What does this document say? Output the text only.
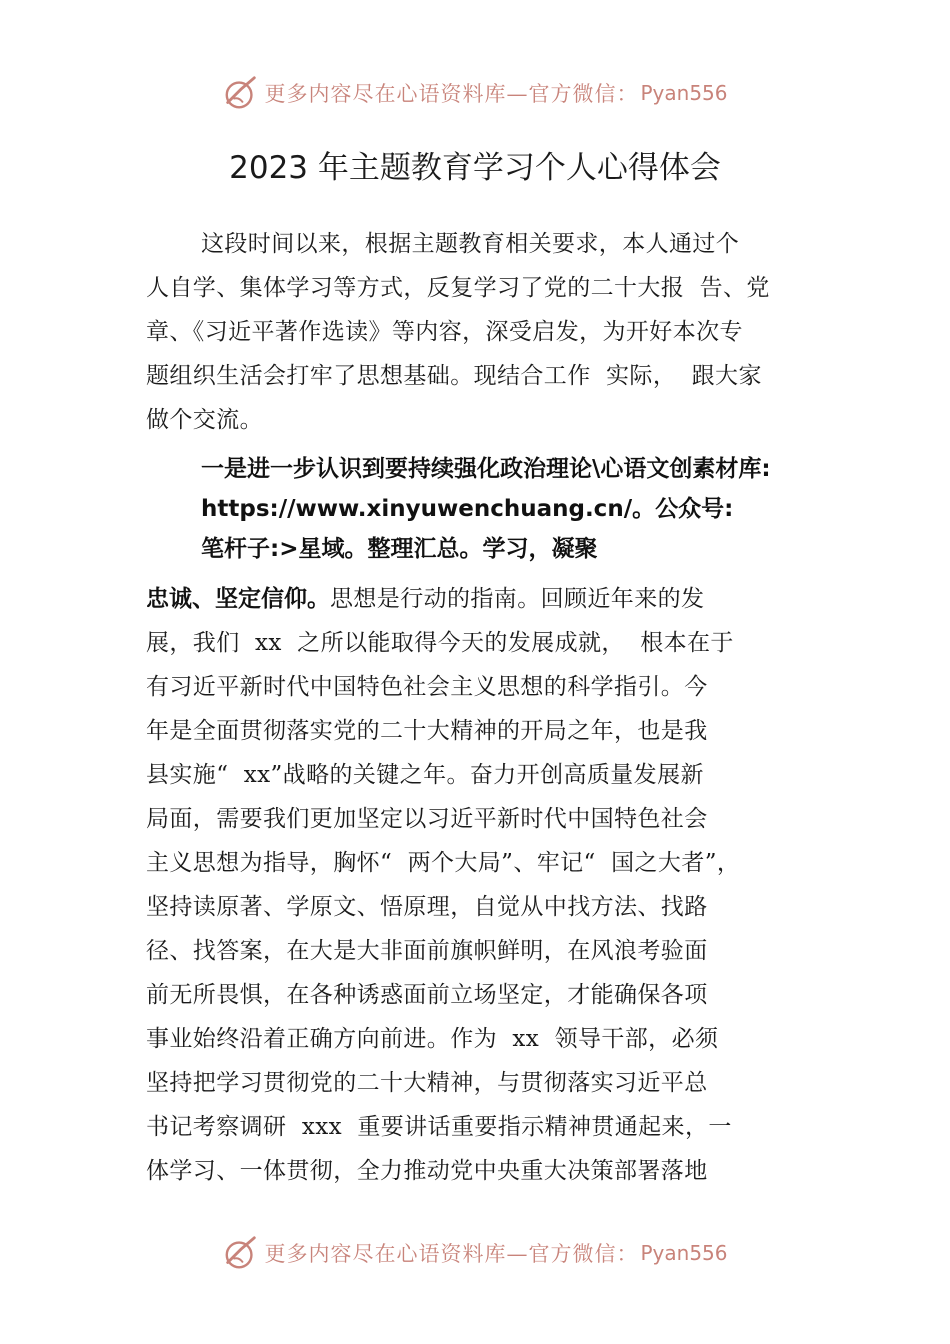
更多内容尽在心语资料库—官方微信： Pyan556
2023 年主题教育学习个人心得体会
这段时间以来，根据主题教育相关要求，本人通过个
人自学、集体学习等方式，反复学习了党的二十大报  告、党
章、《习近平著作选读》等内容，深受启发，为开好本次专
题组织生活会打牢了思想基础。现结合工作  实际，  跟大家
做个交流。
一是进一步认识到要持续强化政治理论\心语文创素材库:
https://www.xinyuwenchuang.cn/。公众号:
笔杆子:>星域。整理汇总。学习，凝聚
忠诚、坚定信仰。思想是行动的指南。回顾近年来的发
展，我们  xx  之所以能取得今天的发展成就，  根本在于
有习近平新时代中国特色社会主义思想的科学指引。今
年是全面贯彻落实党的二十大精神的开局之年，也是我
县实施“  xx”战略的关键之年。奋力开创高质量发展新
局面，需要我们更加坚定以习近平新时代中国特色社会
主义思想为指导，胸怀“  两个大局”、牢记“  国之大者”，
坚持读原著、学原文、悟原理，自觉从中找方法、找路
径、找答案，在大是大非面前旗帜鲜明，在风浪考验面
前无所畏惧，在各种诱惑面前立场坚定，才能确保各项
事业始终沿着正确方向前进。作为  xx  领导干部，必须
坚持把学习贯彻党的二十大精神，与贯彻落实习近平总
书记考察调研  xxx  重要讲话重要指示精神贯通起来，一
体学习、一体贯彻，全力推动党中央重大决策部署落地
更多内容尽在心语资料库—官方微信： Pyan556
